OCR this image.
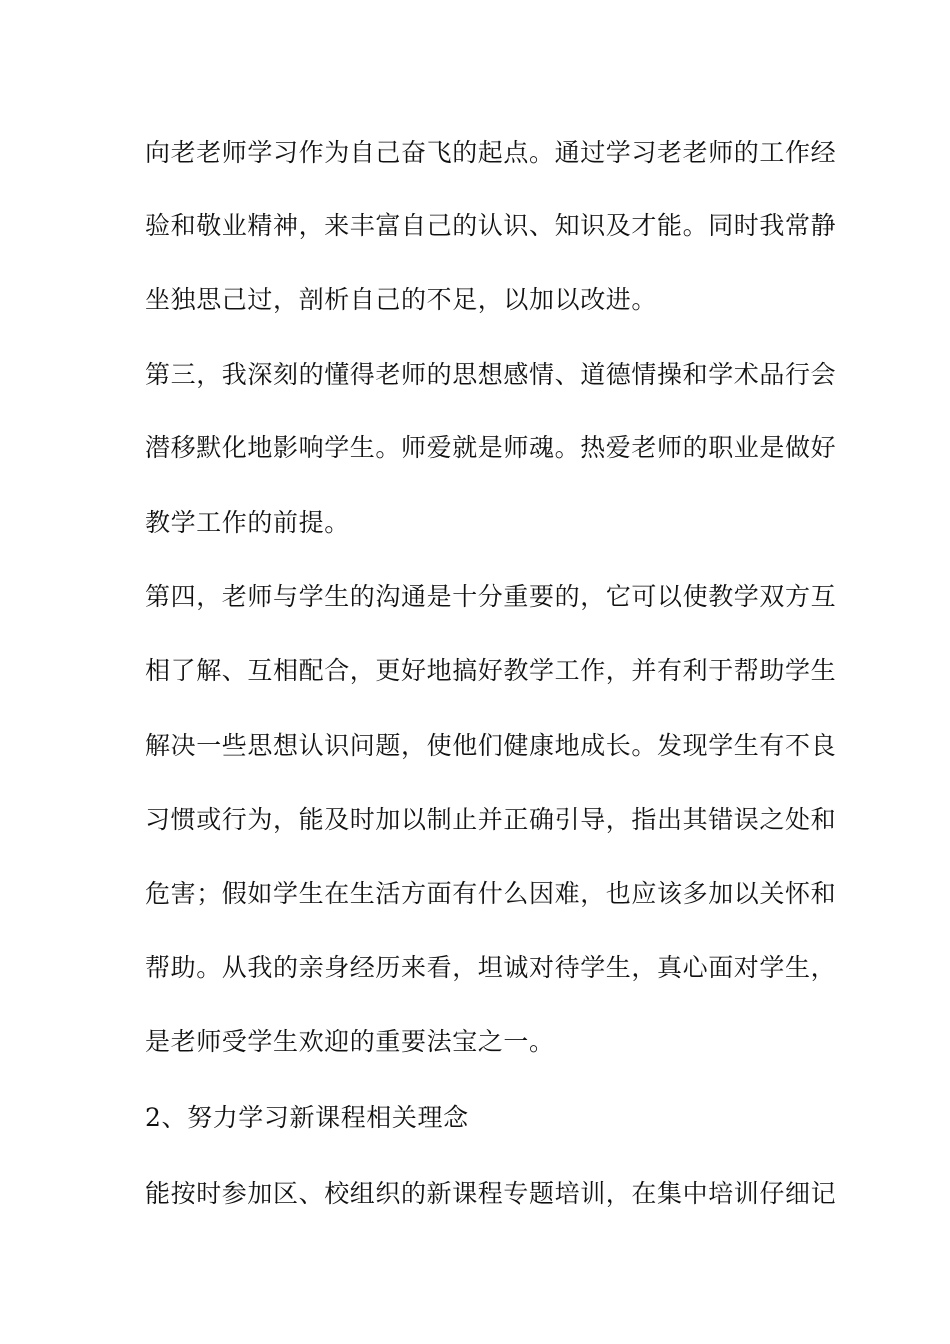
向老老师学习作为自己奋飞的起点。通过学习老老师的工作经
验和敬业精神，来丰富自己的认识、知识及才能。同时我常静
坐独思己过，剖析自己的不足，以加以改进。
第三，我深刻的懂得老师的思想感情、道德情操和学术品行会
潜移默化地影响学生。师爱就是师魂。热爱老师的职业是做好
教学工作的前提。
第四，老师与学生的沟通是十分重要的，它可以使教学双方互
相了解、互相配合，更好地搞好教学工作，并有利于帮助学生
解决一些思想认识问题，使他们健康地成长。发现学生有不良
习惯或行为，能及时加以制止并正确引导，指出其错误之处和
危害；假如学生在生活方面有什么因难，也应该多加以关怀和
帮助。从我的亲身经历来看，坦诚对待学生，真心面对学生，
是老师受学生欢迎的重要法宝之一。
2、努力学习新课程相关理念
能按时参加区、校组织的新课程专题培训，在集中培训仔细记
